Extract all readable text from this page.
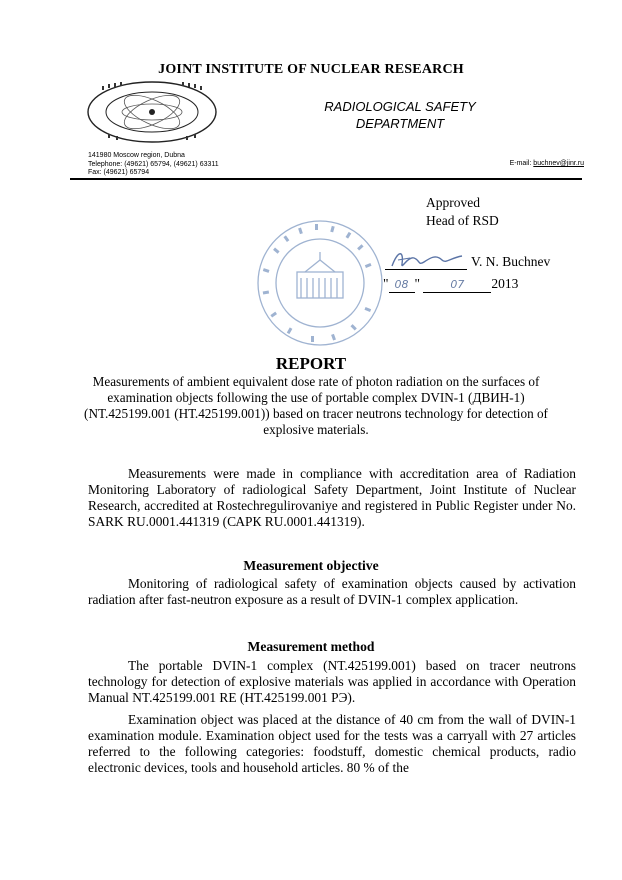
JOINT INSTITUTE OF NUCLEAR RESEARCH
RADIOLOGICAL SAFETY
DEPARTMENT
141980 Moscow region, Dubna
Telephone: (49621) 65794, (49621) 63311
Fax: (49621) 65794
E-mail: buchnev@jinr.ru
Approved
Head of RSD
V. N. Buchnev
" 08 " 07 2013
REPORT
Measurements of ambient equivalent dose rate of photon radiation on the surfaces of examination objects following the use of portable complex DVIN-1 (ДВИН-1) (NT.425199.001 (НТ.425199.001)) based on tracer neutrons technology for detection of explosive materials.
Measurements were made in compliance with accreditation area of Radiation Monitoring Laboratory of radiological Safety Department, Joint Institute of Nuclear Research, accredited at Rostechregulirovaniye and registered in Public Register under No. SARK RU.0001.441319 (САРК RU.0001.441319).
Measurement objective
Monitoring of radiological safety of examination objects caused by activation radiation after fast-neutron exposure as a result of DVIN-1 complex application.
Measurement method
The portable DVIN-1 complex (NT.425199.001) based on tracer neutrons technology for detection of explosive materials was applied in accordance with Operation Manual NT.425199.001 RE (НТ.425199.001 РЭ).
Examination object was placed at the distance of 40 cm from the wall of DVIN-1 examination module. Examination object used for the tests was a carryall with 27 articles referred to the following categories: foodstuff, domestic chemical products, radio electronic devices, tools and household articles. 80 % of the
